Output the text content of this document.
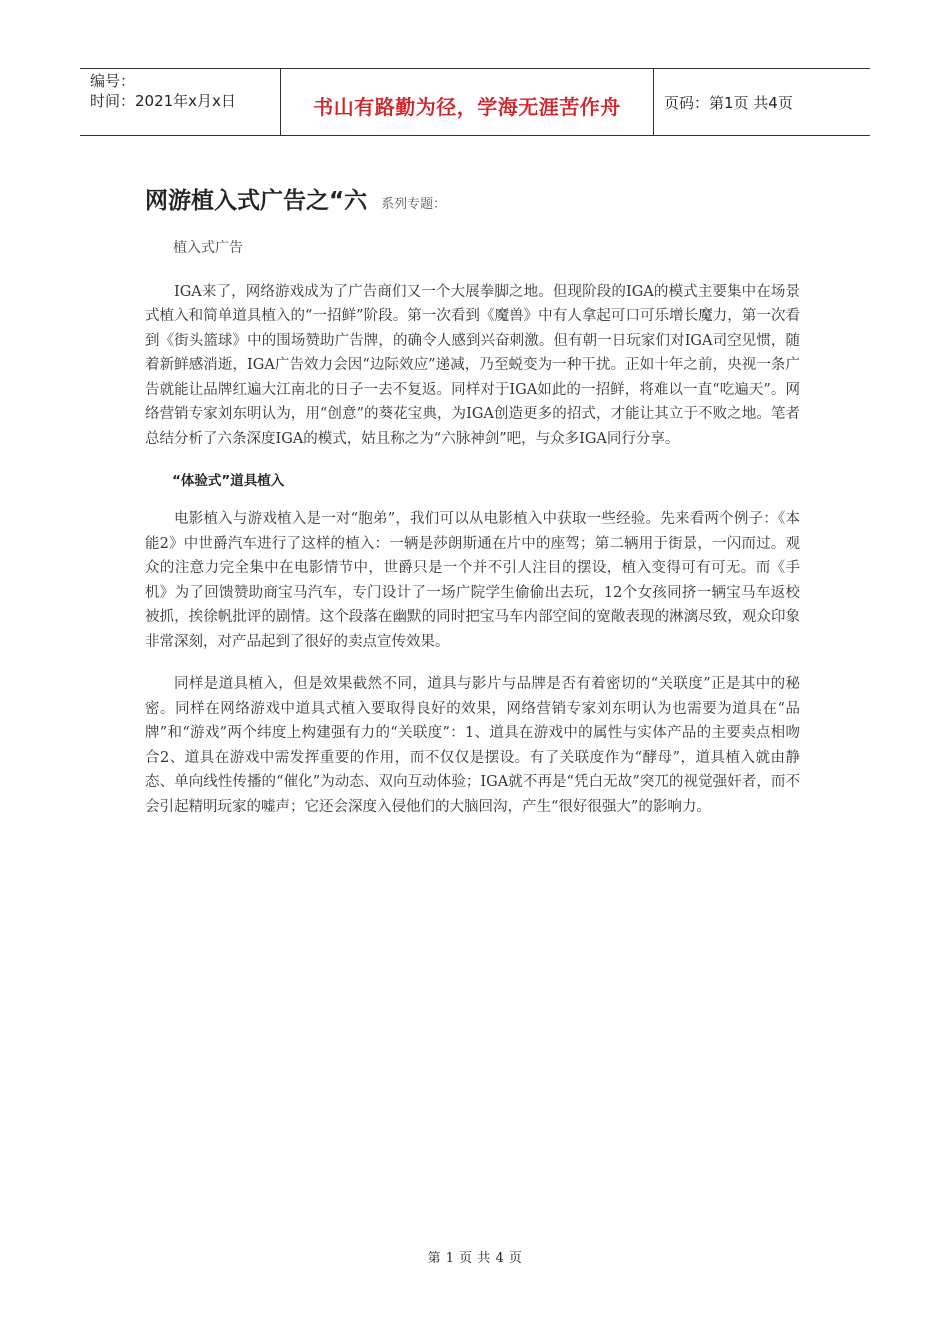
编号：
时间：2021年x月x日	书山有路勤为径，学海无涯苦作舟	页码：第1页 共4页
网游植入式广告之“六 系列专题：

植入式广告

IGA来了，网络游戏成为了广告商们又一个大展拳脚之地。但现阶段的IGA的模式主要集中在场景式植入和简单道具植入的“一招鲜”阶段。第一次看到《魔兽》中有人拿起可口可乐增长魔力，第一次看到《街头篮球》中的围场赞助广告牌，的确令人感到兴奋刺激。但有朝一日玩家们对IGA司空见惯，随着新鲜感消逝，IGA广告效力会因“边际效应”递减，乃至蜕变为一种干扰。正如十年之前，央视一条广告就能让品牌红遍大江南北的日子一去不复返。同样对于IGA如此的一招鲜，将难以一直“吃遍天”。网络营销专家刘东明认为，用“创意”的葵花宝典，为IGA创造更多的招式，才能让其立于不败之地。笔者总结分析了六条深度IGA的模式，姑且称之为“六脉神剑”吧，与众多IGA同行分享。

“体验式”道具植入

电影植入与游戏植入是一对“胞弟”，我们可以从电影植入中获取一些经验。先来看两个例子：《本能2》中世爵汽车进行了这样的植入：一辆是莎朗斯通在片中的座驾；第二辆用于街景，一闪而过。观众的注意力完全集中在电影情节中，世爵只是一个并不引人注目的摆设，植入变得可有可无。而《手机》为了回馈赞助商宝马汽车，专门设计了一场广院学生偷偷出去玩，12个女孩同挤一辆宝马车返校被抓，挨徐帆批评的剧情。这个段落在幽默的同时把宝马车内部空间的宽敞表现的淋漓尽致，观众印象非常深刻，对产品起到了很好的卖点宣传效果。

同样是道具植入，但是效果截然不同，道具与影片与品牌是否有着密切的“关联度”正是其中的秘密。同样在网络游戏中道具式植入要取得良好的效果，网络营销专家刘东明认为也需要为道具在“品牌”和“游戏”两个纬度上构建强有力的“关联度”：1、道具在游戏中的属性与实体产品的主要卖点相吻合2、道具在游戏中需发挥重要的作用，而不仅仅是摆设。有了关联度作为“酵母”，道具植入就由静态、单向线性传播的“催化”为动态、双向互动体验；IGA就不再是“凭白无故”突兀的视觉强奸者，而不会引起精明玩家的嘘声；它还会深度入侵他们的大脑回沟，产生“很好很强大”的影响力。

第 1 页 共 4 页
